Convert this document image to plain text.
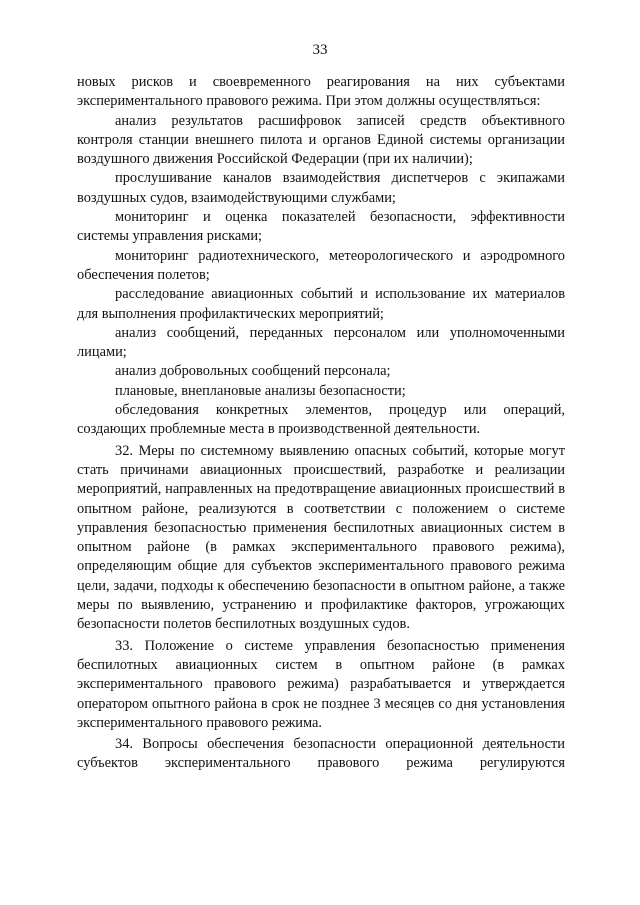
33

новых рисков и своевременного реагирования на них субъектами экспериментального правового режима. При этом должны осуществляться:

анализ результатов расшифровок записей средств объективного контроля станции внешнего пилота и органов Единой системы организации воздушного движения Российской Федерации (при их наличии);

прослушивание каналов взаимодействия диспетчеров с экипажами воздушных судов, взаимодействующими службами;

мониторинг и оценка показателей безопасности, эффективности системы управления рисками;

мониторинг радиотехнического, метеорологического и аэродромного обеспечения полетов;

расследование авиационных событий и использование их материалов для выполнения профилактических мероприятий;

анализ сообщений, переданных персоналом или уполномоченными лицами;

анализ добровольных сообщений персонала;

плановые, внеплановые анализы безопасности;

обследования конкретных элементов, процедур или операций, создающих проблемные места в производственной деятельности.

32. Меры по системному выявлению опасных событий, которые могут стать причинами авиационных происшествий, разработке и реализации мероприятий, направленных на предотвращение авиационных происшествий в опытном районе, реализуются в соответствии с положением о системе управления безопасностью применения беспилотных авиационных систем в опытном районе (в рамках экспериментального правового режима), определяющим общие для субъектов экспериментального правового режима цели, задачи, подходы к обеспечению безопасности в опытном районе, а также меры по выявлению, устранению и профилактике факторов, угрожающих безопасности полетов беспилотных воздушных судов.

33. Положение о системе управления безопасностью применения беспилотных авиационных систем в опытном районе (в рамках экспериментального правового режима) разрабатывается и утверждается оператором опытного района в срок не позднее 3 месяцев со дня установления экспериментального правового режима.

34. Вопросы обеспечения безопасности операционной деятельности субъектов экспериментального правового режима регулируются
